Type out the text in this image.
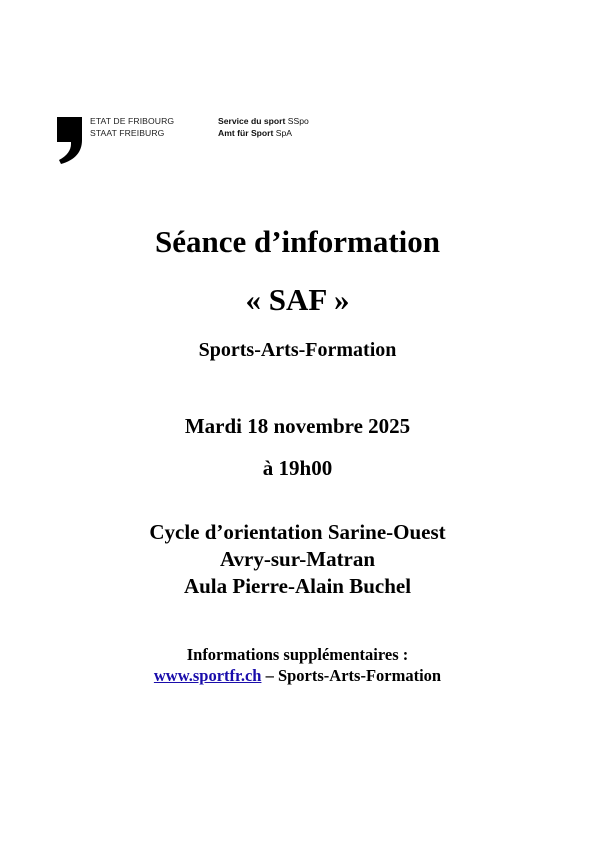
ETAT DE FRIBOURG
STAAT FREIBURG
Service du sport SSpo
Amt für Sport SpA
Séance d’information
« SAF »
Sports-Arts-Formation
Mardi 18 novembre 2025
à 19h00
Cycle d’orientation Sarine-Ouest
Avry-sur-Matran
Aula Pierre-Alain Buchel
Informations supplémentaires :
www.sportfr.ch – Sports-Arts-Formation
